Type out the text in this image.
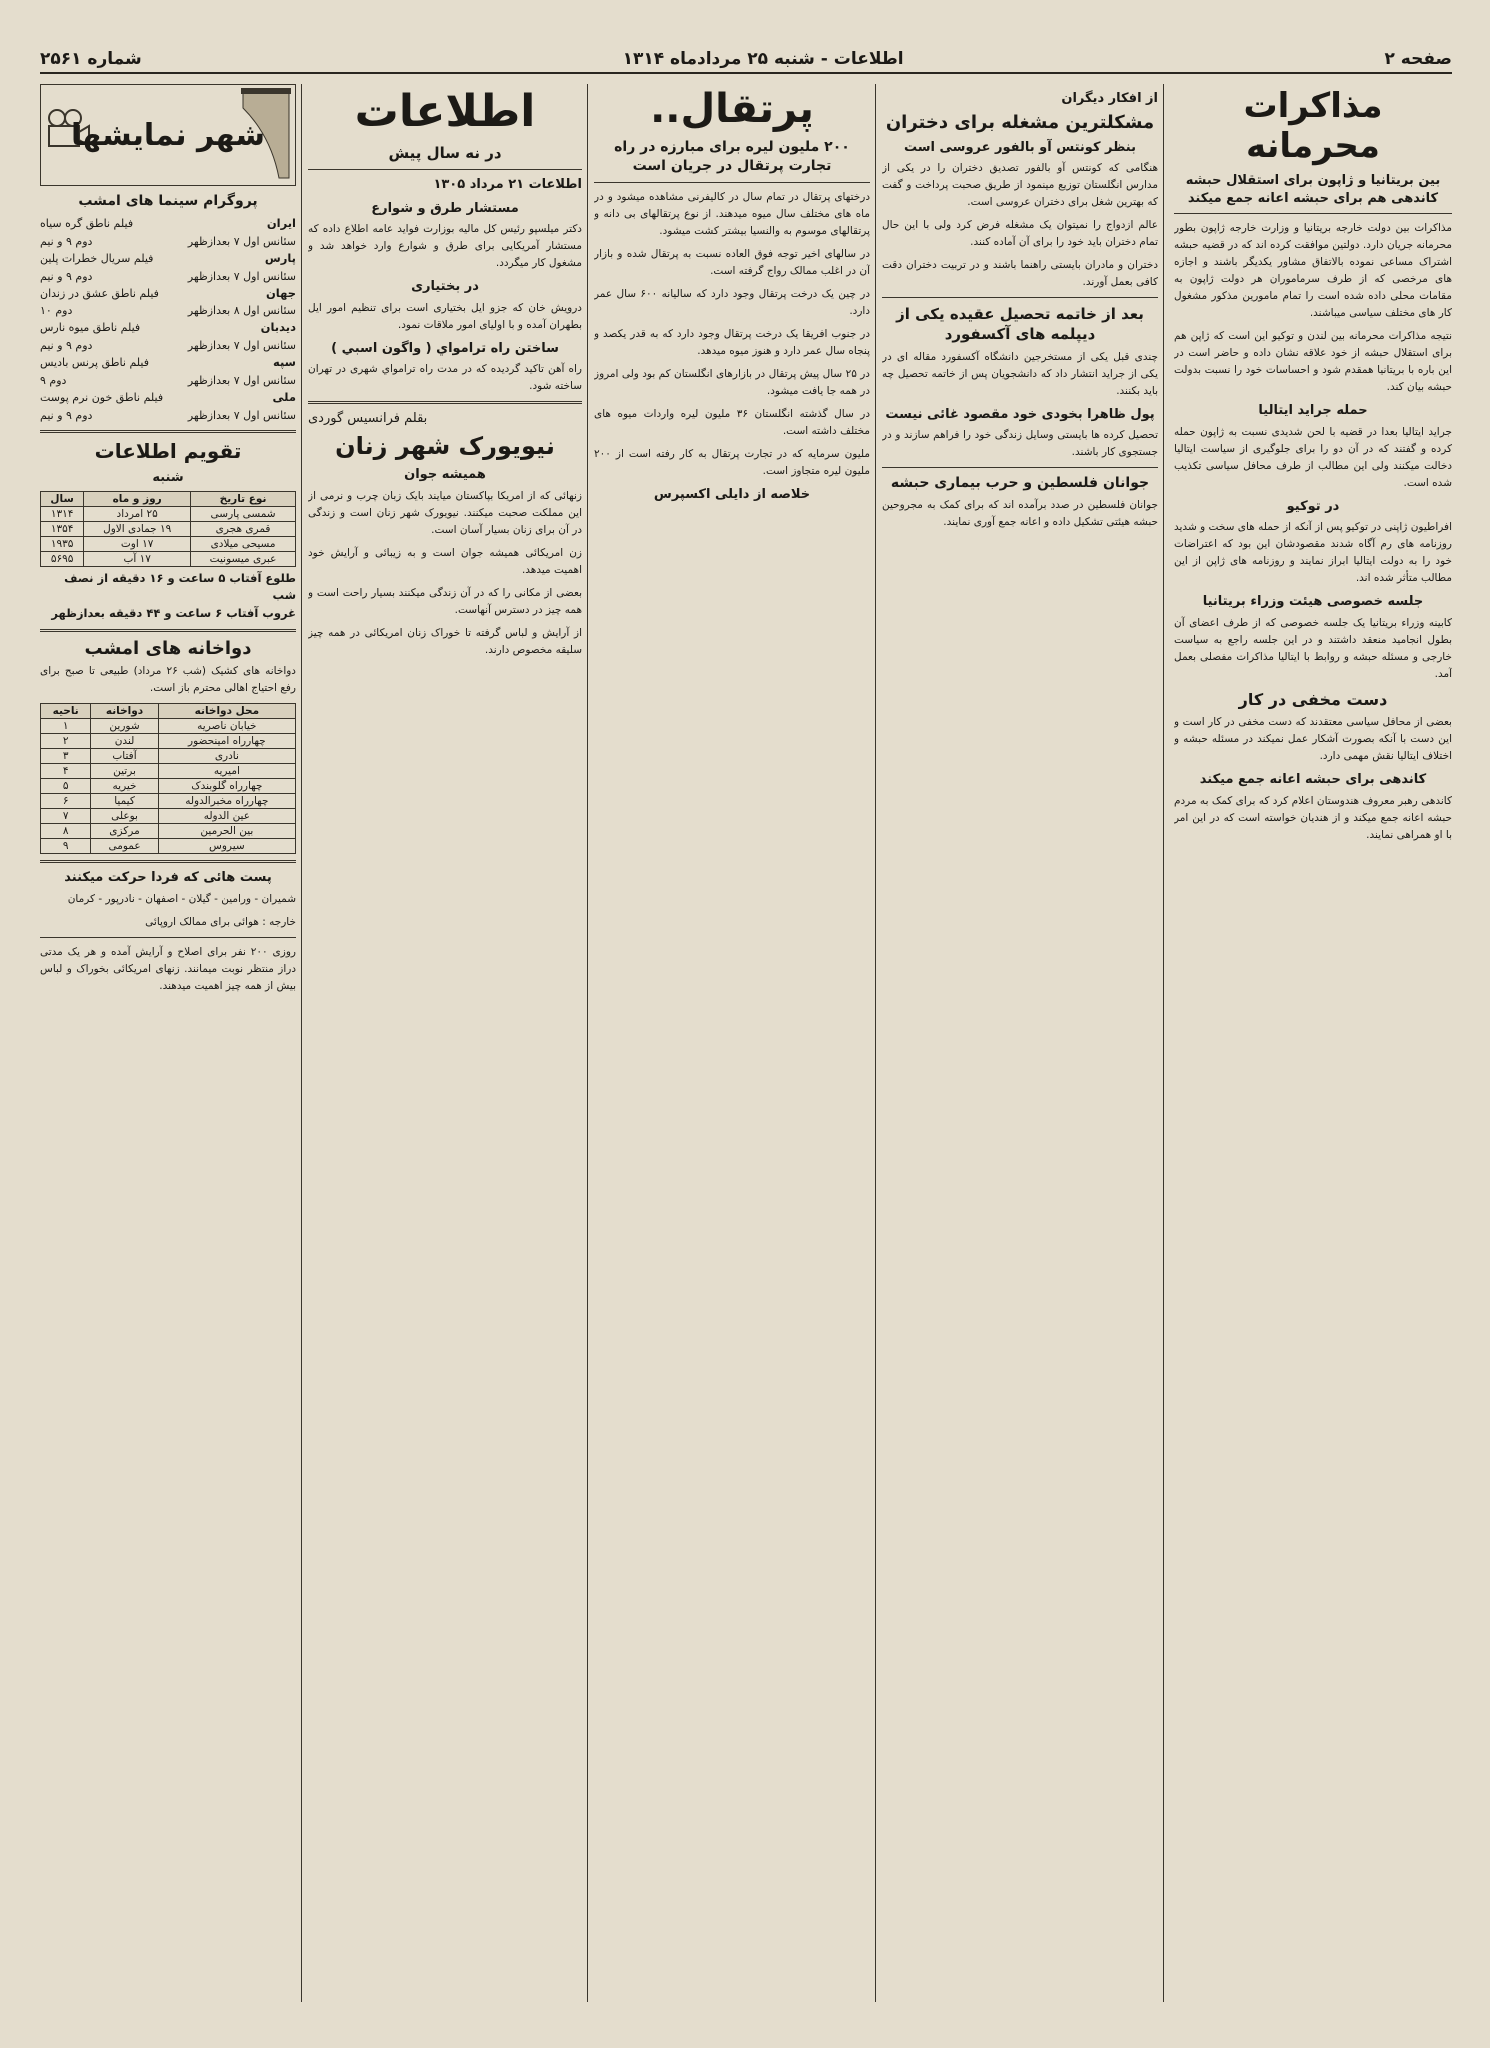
صفحه ۲
اطلاعات - شنبه ۲۵ مردادماه ۱۳۱۴
شماره ۲۵۶۱
مذاکرات محرمانه
بین بریتانیا و ژاپون برای استقلال حبشه کاندهی هم برای حبشه اعانه جمع میکند

مذاکرات بین دولت خارجه بریتانیا و وزارت خارجه ژاپون بطور محرمانه جریان دارد. دولتین موافقت کرده اند که در قضیه حبشه اشتراک مساعی نموده بالاتفاق مشاور یکدیگر باشند و اجازه های مرخصی که از طرف سرماموران هر دولت ژاپون به مقامات محلی داده شده است را تمام مامورین مذکور مشغول کار های مختلف سیاسی میباشند.

نتیجه مذاکرات محرمانه بین لندن و توکیو این است که ژاپن هم برای استقلال حبشه از خود علاقه نشان داده و حاضر است در این باره با بریتانیا همقدم شود و احساسات خود را نسبت بدولت حبشه بیان کند.

حمله جراید ایتالیا

جراید ایتالیا بعدا در قضیه با لحن شدیدی نسبت به ژاپون حمله کرده و گفتند که در آن دو را برای جلوگیری از سیاست ایتالیا دخالت میکنند ولی این مطالب از طرف محافل سیاسی تکذیب شده است.

در توکیو

افراطیون ژاپنی در توکیو پس از آنکه از حمله های سخت و شدید روزنامه های رم آگاه شدند مقصودشان این بود که اعتراضات خود را به دولت ایتالیا ابراز نمایند و روزنامه های ژاپن از این مطالب متأثر شده اند.

جلسه خصوصی هیئت وزراء بریتانیا

کابینه وزراء بریتانیا یک جلسه خصوصی که از طرف اعضای آن بطول انجامید منعقد داشتند و در این جلسه راجع به سیاست خارجی و مسئله حبشه و روابط با ایتالیا مذاکرات مفصلی بعمل آمد.

دست مخفی در کار

بعضی از محافل سیاسی معتقدند که دست مخفی در کار است و این دست با آنکه بصورت آشکار عمل نمیکند در مسئله حبشه و اختلاف ایتالیا نقش مهمی دارد.

کاندهی برای حبشه اعانه جمع میکند

کاندهی رهبر معروف هندوستان اعلام کرد که برای کمک به مردم حبشه اعانه جمع میکند و از هندیان خواسته است که در این امر با او همراهی نمایند.

از افکار دیگران
مشکلترین مشغله برای دختران
بنظر کونتس آو بالفور عروسی است

هنگامی که کونتس آو بالفور تصدیق دختران را در یکی از مدارس انگلستان توزیع مینمود از طریق صحبت پرداخت و گفت که بهترین شغل برای دختران عروسی است.

عالم ازدواج را نمیتوان یک مشغله فرض کرد ولی با این حال تمام دختران باید خود را برای آن آماده کنند.

دختران و مادران بایستی راهنما باشند و در تربیت دختران دقت کافی بعمل آورند.

بعد از خاتمه تحصیل عقیده یکی از دیپلمه های آکسفورد

چندی قبل یکی از مستخرجین دانشگاه آکسفورد مقاله ای در یکی از جراید انتشار داد که دانشجویان پس از خاتمه تحصیل چه باید بکنند.

پول ظاهرا بخودی خود مقصود غائی نیست

تحصیل کرده ها بایستی وسایل زندگی خود را فراهم سازند و در جستجوی کار باشند.

جوانان فلسطین و حرب بیماری حبشه

جوانان فلسطین در صدد برآمده اند که برای کمک به مجروحین حبشه هیئتی تشکیل داده و اعانه جمع آوری نمایند.

پرتقال..
۲۰۰ ملیون لیره برای مبارزه در راه تجارت پرتقال در جریان است

درختهای پرتقال در تمام سال در کالیفرنی مشاهده میشود و در ماه های مختلف سال میوه میدهند. از نوع پرتقالهای بی دانه و پرتقالهای موسوم به والنسیا بیشتر کشت میشود.

در سالهای اخیر توجه فوق العاده نسبت به پرتقال شده و بازار آن در اغلب ممالک رواج گرفته است.

در چین یک درخت پرتقال وجود دارد که سالیانه ۶۰۰ سال عمر دارد.

در جنوب افریقا یک درخت پرتقال وجود دارد که به قدر یکصد و پنجاه سال عمر دارد و هنوز میوه میدهد.

در ۲۵ سال پیش پرتقال در بازارهای انگلستان کم بود ولی امروز در همه جا یافت میشود.

در سال گذشته انگلستان ۳۶ ملیون لیره واردات میوه های مختلف داشته است.

ملیون سرمایه که در تجارت پرتقال به کار رفته است از ۲۰۰ ملیون لیره متجاوز است.

خلاصه از دایلی اکسپرس
اطلاعات
در نه سال پیش
اطلاعات ۲۱ مرداد ۱۳۰۵
مستشار طرق و شوارع

دکتر میلسپو رئیس کل مالیه بوزارت فواید عامه اطلاع داده که مستشار آمریکایی برای طرق و شوارع وارد خواهد شد و مشغول کار میگردد.

در بختیاری

درویش خان که جزو ایل بختیاری است برای تنظیم امور ایل بطهران آمده و با اولیای امور ملاقات نمود.

ساختن راه ترامواي ( واگون اسبي )

راه آهن تاکید گردیده که در مدت راه ترامواي شهری در تهران ساخته شود.

بقلم فرانسیس گوردی
نیویورک شهر زنان
همیشه جوان

زنهائی که از امریکا بپاکستان میایند بایک زبان چرب و نرمی از این مملکت صحبت میکنند. نیویورک شهر زنان است و زندگی در آن برای زنان بسیار آسان است.

زن امریکائی همیشه جوان است و به زیبائی و آرایش خود اهمیت میدهد.

بعضی از مکانی را که در آن زندگی میکنند بسیار راحت است و همه چیز در دسترس آنهاست.

از آرایش و لباس گرفته تا خوراک زنان امریکائی در همه چیز سلیقه مخصوص دارند.

شهر نمایشها
پروگرام سینما های امشب
ایران
فیلم ناطق گره سیاه
سئانس اول ۷ بعدازظهر
دوم ۹ و نیم
پارس
فیلم سریال خطرات پلین
سئانس اول ۷ بعدازظهر
دوم ۹ و نیم
جهان
فیلم ناطق عشق در زندان
سئانس اول ۸ بعدازظهر
دوم ۱۰
دیدبان
فیلم ناطق میوه نارس
سئانس اول ۷ بعدازظهر
دوم ۹ و نیم
سپه
فیلم ناطق پرنس بادیس
سئانس اول ۷ بعدازظهر
دوم ۹
ملی
فیلم ناطق خون نرم پوست
سئانس اول ۷ بعدازظهر
دوم ۹ و نیم
تقویم اطلاعات
شنبه
نوع تاریخ	روز و ماه	سال
شمسی پارسی	۲۵ امرداد	۱۳۱۴
قمری هجری	۱۹ جمادی الاول	۱۳۵۴
مسیحی میلادی	۱۷ اوت	۱۹۳۵
عبری میسونیت	۱۷ آب	۵۶۹۵
طلوع آفتاب ۵ ساعت و ۱۶ دقیقه از نصف شب
غروب آفتاب ۶ ساعت و ۴۴ دقیقه بعدازظهر
دواخانه های امشب

دواخانه های کشیک (شب ۲۶ مرداد) طبیعی تا صبح برای رفع احتیاج اهالی محترم باز است.

محل دواخانه	دواخانه	ناحیه
خیابان ناصریه	شورین	۱
چهارراه امینحضور	لندن	۲
نادری	آفتاب	۳
امیریه	برتین	۴
چهارراه گلوبندک	خیریه	۵
چهارراه مخبرالدوله	کیمیا	۶
عین الدوله	بوعلی	۷
بین الحرمین	مرکزی	۸
سیروس	عمومی	۹
پست هائی که فردا حرکت میکنند

شمیران - ورامین - گیلان - اصفهان - نادرپور - کرمان

خارجه : هوائی برای ممالک اروپائی

روزی ۲۰۰ نفر برای اصلاح و آرایش آمده و هر یک مدتی دراز منتظر نوبت میمانند. زنهای امریکائی بخوراک و لباس بیش از همه چیز اهمیت میدهند.
